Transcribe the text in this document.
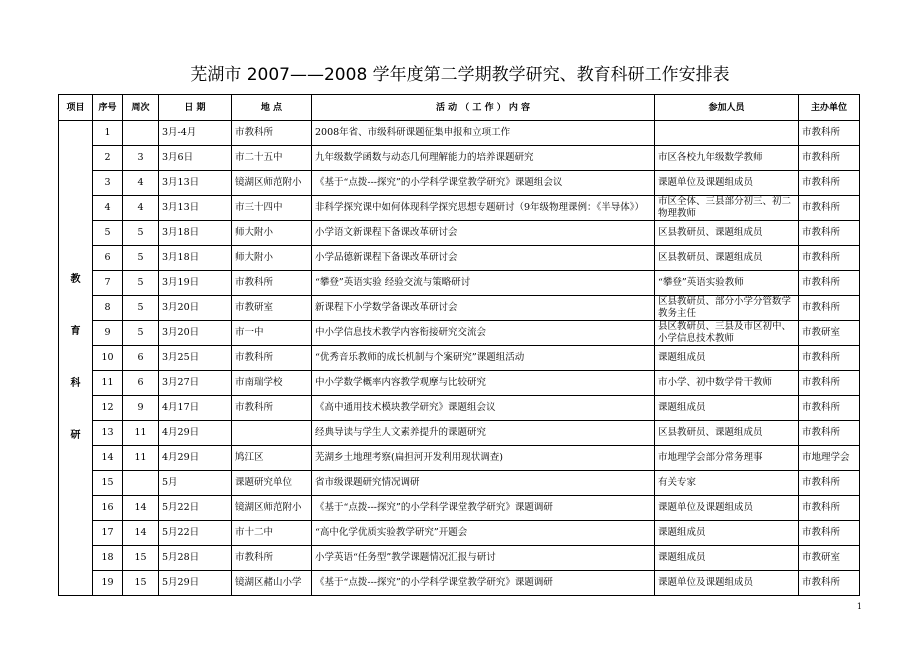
芜湖市 2007——2008 学年度第二学期教学研究、教育科研工作安排表
项目	序号	周次	日 期	地 点	活 动 （ 工 作 ） 内 容	参加人员	主办单位

教
育
科
研	1		3月-4月	市教科所	2008年省、市级科研课题征集申报和立项工作		市教科所
	2	3	3月6日	市二十五中	九年级数学函数与动态几何理解能力的培养课题研究	市区各校九年级数学教师	市教科所
	3	4	3月13日	镜湖区师范附小	《基于“点拨---探究”的小学科学课堂教学研究》课题组会议	课题单位及课题组成员	市教科所
	4	4	3月13日	市三十四中	非科学探究课中如何体现科学探究思想专题研讨（9年级物理课例：《半导体》）	市区全体、三县部分初三、初二物理教师	市教科所
	5	5	3月18日	师大附小	小学语文新课程下备课改革研讨会	区县教研员、课题组成员	市教科所
	6	5	3月18日	师大附小	小学品德新课程下备课改革研讨会	区县教研员、课题组成员	市教科所
	7	5	3月19日	市教科所	“攀登”英语实验 经验交流与策略研讨	“攀登”英语实验教师	市教科所
	8	5	3月20日	市教研室	新课程下小学数学备课改革研讨会	区县教研员、部分小学分管数学教务主任	市教科所
	9	5	3月20日	市一中	中小学信息技术教学内容衔接研究交流会	县区教研员、三县及市区初中、小学信息技术教师	市教研室
	10	6	3月25日	市教科所	“优秀音乐教师的成长机制与个案研究”课题组活动	课题组成员	市教科所
	11	6	3月27日	市南瑞学校	中小学数学概率内容教学观摩与比较研究	市小学、初中数学骨干教师	市教科所
	12	9	4月17日	市教科所	《高中通用技术模块教学研究》课题组会议	课题组成员	市教科所
	13	11	4月29日		经典导读与学生人文素养提升的课题研究	区县教研员、课题组成员	市教科所
	14	11	4月29日	鸠江区	芜湖乡土地理考察(扁担河开发利用现状调查)	市地理学会部分常务理事	市地理学会
	15		5月	课题研究单位	省市级课题研究情况调研	有关专家	市教科所
	16	14	5月22日	镜湖区师范附小	《基于“点拨---探究”的小学科学课堂教学研究》课题调研	课题单位及课题组成员	市教科所
	17	14	5月22日	市十二中	“高中化学优质实验教学研究”开题会	课题组成员	市教科所
	18	15	5月28日	市教科所	小学英语“任务型”教学课题情况汇报与研讨	课题组成员	市教研室
	19	15	5月29日	镜湖区赭山小学	《基于“点拨---探究”的小学科学课堂教学研究》课题调研	课题单位及课题组成员	市教科所
1
